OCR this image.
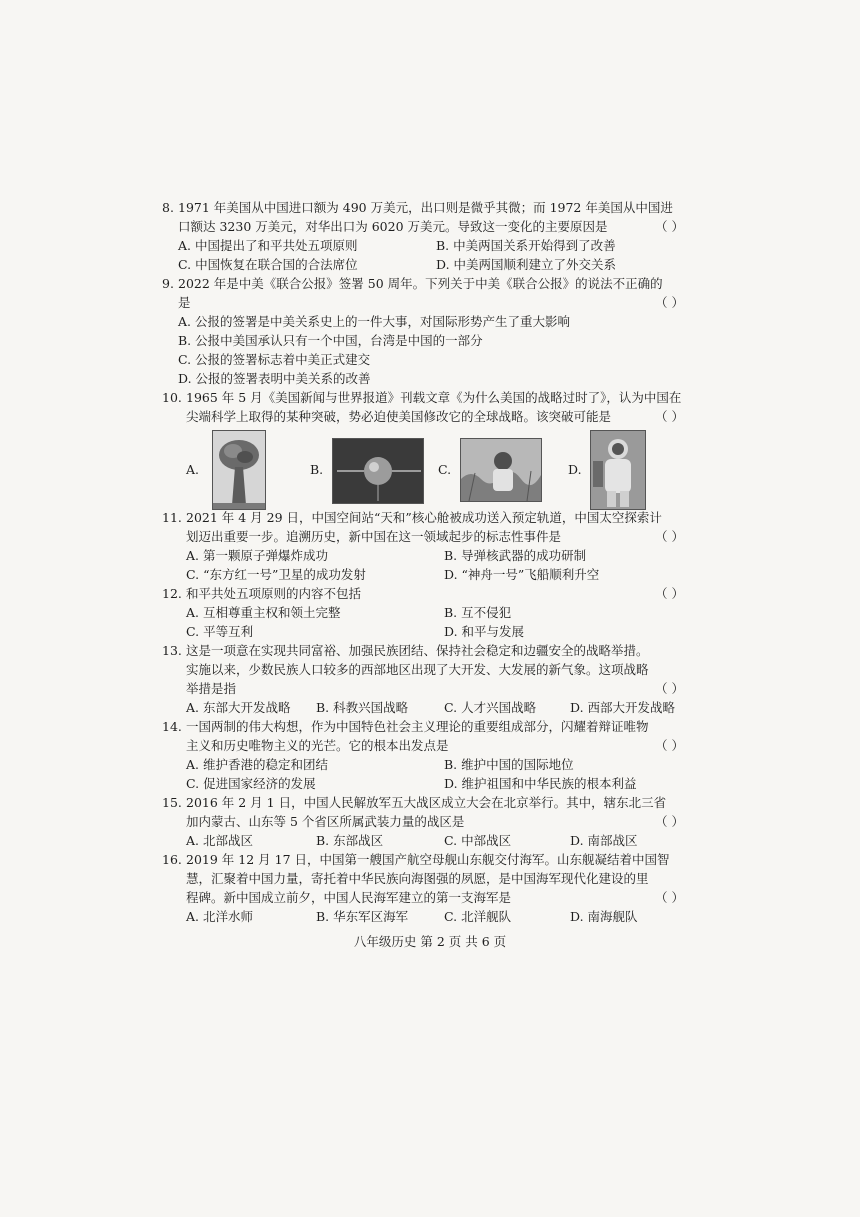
8. 1971 年美国从中国进口额为 490 万美元，出口则是微乎其微；而 1972 年美国从中国进
口额达 3230 万美元，对华出口为 6020 万美元。导致这一变化的主要原因是	（ ）
A. 中国提出了和平共处五项原则	B. 中美两国关系开始得到了改善
C. 中国恢复在联合国的合法席位	D. 中美两国顺利建立了外交关系
9. 2022 年是中美《联合公报》签署 50 周年。下列关于中美《联合公报》的说法不正确的
是	（ ）
A. 公报的签署是中美关系史上的一件大事，对国际形势产生了重大影响
B. 公报中美国承认只有一个中国，台湾是中国的一部分
C. 公报的签署标志着中美正式建交
D. 公报的签署表明中美关系的改善
10. 1965 年 5 月《美国新闻与世界报道》刊载文章《为什么美国的战略过时了》，认为中国在
尖端科学上取得的某种突破，势必迫使美国修改它的全球战略。该突破可能是	（ ）
A.	B.	C.	D.
11. 2021 年 4 月 29 日，中国空间站“天和”核心舱被成功送入预定轨道，中国太空探索计
划迈出重要一步。追溯历史，新中国在这一领域起步的标志性事件是	（ ）
A. 第一颗原子弹爆炸成功	B. 导弹核武器的成功研制
C. “东方红一号”卫星的成功发射	D. “神舟一号”飞船顺利升空
12. 和平共处五项原则的内容不包括	（ ）
A. 互相尊重主权和领土完整	B. 互不侵犯
C. 平等互利	D. 和平与发展
13. 这是一项意在实现共同富裕、加强民族团结、保持社会稳定和边疆安全的战略举措。
实施以来，少数民族人口较多的西部地区出现了大开发、大发展的新气象。这项战略
举措是指	（ ）
A. 东部大开发战略 B. 科教兴国战略	C. 人才兴国战略	D. 西部大开发战略
14. 一国两制的伟大构想，作为中国特色社会主义理论的重要组成部分，闪耀着辩证唯物
主义和历史唯物主义的光芒。它的根本出发点是	（ ）
A. 维护香港的稳定和团结	B. 维护中国的国际地位
C. 促进国家经济的发展	D. 维护祖国和中华民族的根本利益
15. 2016 年 2 月 1 日，中国人民解放军五大战区成立大会在北京举行。其中，辖东北三省
加内蒙古、山东等 5 个省区所属武装力量的战区是	（ ）
A. 北部战区	B. 东部战区	C. 中部战区	D. 南部战区
16. 2019 年 12 月 17 日，中国第一艘国产航空母舰山东舰交付海军。山东舰凝结着中国智
慧，汇聚着中国力量，寄托着中华民族向海图强的夙愿，是中国海军现代化建设的里
程碑。新中国成立前夕，中国人民海军建立的第一支海军是	（ ）
A. 北洋水师	B. 华东军区海军	C. 北洋舰队	D. 南海舰队
八年级历史 第 2 页 共 6 页
